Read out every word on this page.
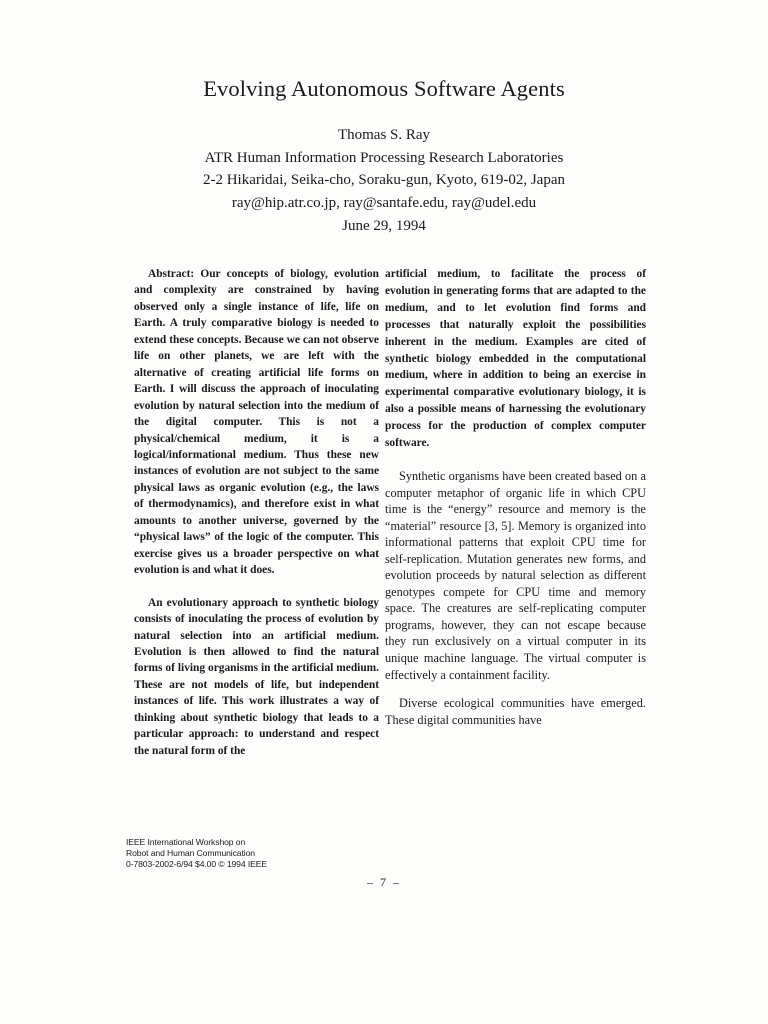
Evolving Autonomous Software Agents
Thomas S. Ray
ATR Human Information Processing Research Laboratories
2-2 Hikaridai, Seika-cho, Soraku-gun, Kyoto, 619-02, Japan
ray@hip.atr.co.jp, ray@santafe.edu, ray@udel.edu
June 29, 1994

Abstract: Our concepts of biology, evolution and complexity are constrained by having observed only a single instance of life, life on Earth. A truly comparative biology is needed to extend these concepts. Because we can not observe life on other planets, we are left with the alternative of creating artificial life forms on Earth. I will discuss the approach of inoculating evolution by natural selection into the medium of the digital computer. This is not a physical/chemical medium, it is a logical/informational medium. Thus these new instances of evolution are not subject to the same physical laws as organic evolution (e.g., the laws of thermodynamics), and therefore exist in what amounts to another universe, governed by the “physical laws” of the logic of the computer. This exercise gives us a broader perspective on what evolution is and what it does.

An evolutionary approach to synthetic biology consists of inoculating the process of evolution by natural selection into an artificial medium. Evolution is then allowed to find the natural forms of living organisms in the artificial medium. These are not models of life, but independent instances of life. This work illustrates a way of thinking about synthetic biology that leads to a particular approach: to understand and respect the natural form of the

artificial medium, to facilitate the process of evolution in generating forms that are adapted to the medium, and to let evolution find forms and processes that naturally exploit the possibilities inherent in the medium. Examples are cited of synthetic biology embedded in the computational medium, where in addition to being an exercise in experimental comparative evolutionary biology, it is also a possible means of harnessing the evolutionary process for the production of complex computer software.

Synthetic organisms have been created based on a computer metaphor of organic life in which CPU time is the “energy” resource and memory is the “material” resource [3, 5]. Memory is organized into informational patterns that exploit CPU time for self-replication. Mutation generates new forms, and evolution proceeds by natural selection as different genotypes compete for CPU time and memory space. The creatures are self-replicating computer programs, however, they can not escape because they run exclusively on a virtual computer in its unique machine language. The virtual computer is effectively a containment facility.

Diverse ecological communities have emerged. These digital communities have

IEEE International Workshop on
Robot and Human Communication
0-7803-2002-6/94 $4.00 © 1994 IEEE
– 7 –
